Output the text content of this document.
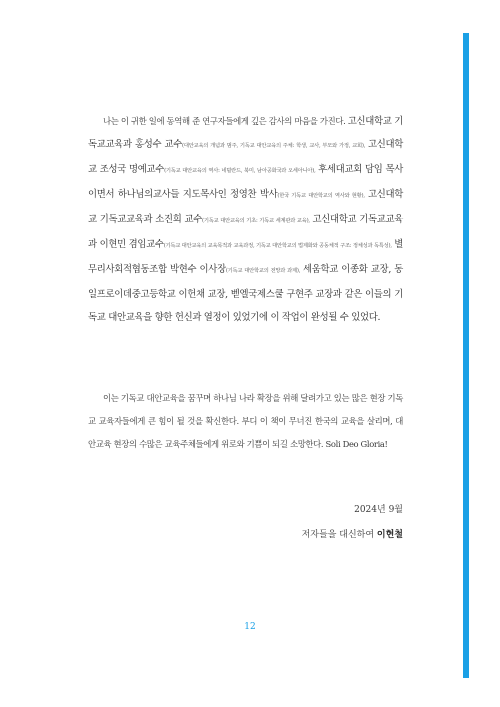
나는 이 귀한 일에 동역해 준 연구자들에게 깊은 감사의 마음을 가진다. 고신대학교 기독교교육과 홍성수 교수(대안교육의 개념과 범주, 기독교 대안교육의 주체: 학생, 교사, 부모와 가정, 교회), 고신대학교 조성국 명예교수(기독교 대안교육의 역사: 네덜란드, 북미, 남아공화국과 오세아니아), 후세대교회 담임 목사이면서 하나님의교사들 지도목사인 정영찬 박사(한국 기독교 대안학교의 역사와 현황), 고신대학교 기독교교육과 소진희 교수(기독교 대안교육의 기초: 기독교 세계관과 교육), 고신대학교 기독교교육과 이현민 겸임교수(기독교 대안교육의 교육목적과 교육과정, 기독교 대안학교의 법제화와 공동체적 구조: 정체성과 독특성), 별무리사회적협동조합 박현수 이사장(기독교 대안학교의 전망과 과제), 세움학교 이종화 교장, 동일프로이데중고등학교 이헌채 교장, 벧엘국제스쿨 구현주 교장과 같은 이들의 기독교 대안교육을 향한 헌신과 열정이 있었기에 이 작업이 완성될 수 있었다.
이는 기독교 대안교육을 꿈꾸며 하나님 나라 확장을 위해 달려가고 있는 많은 현장 기독교 교육자들에게 큰 힘이 될 것을 확신한다. 부디 이 책이 무너진 한국의 교육을 살리며, 대안교육 현장의 수많은 교육주체들에게 위로와 기쁨이 되길 소망한다. Soli Deo Gloria!
2024년 9월
저자들을 대신하여 이현철
12
